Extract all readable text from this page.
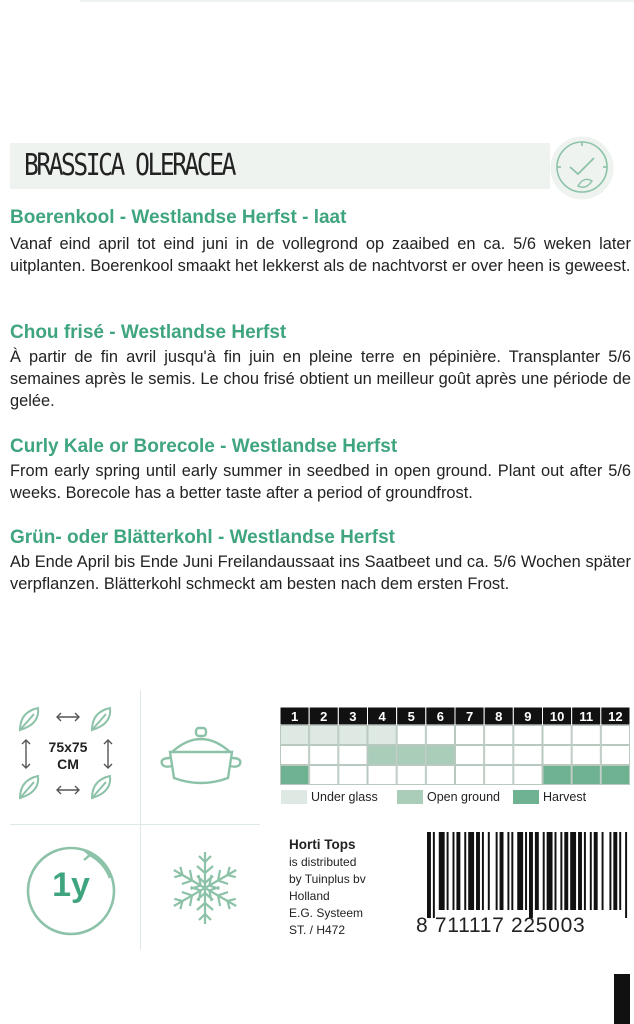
BRASSICA OLERACEA
Boerenkool - Westlandse Herfst - laat
Vanaf eind april tot eind juni in de vollegrond op zaaibed en ca. 5/6 weken later uitplanten. Boerenkool smaakt het lekkerst als de nachtvorst er over heen is geweest.
Chou frisé - Westlandse Herfst
À partir de fin avril jusqu'à fin juin en pleine terre en pépinière. Transplanter 5/6 semaines après le semis. Le chou frisé obtient un meilleur goût après une période de gelée.
Curly Kale or Borecole - Westlandse Herfst
From early spring until early summer in seedbed in open ground. Plant out after 5/6 weeks. Borecole has a better taste after a period of groundfrost.
Grün- oder Blätterkohl - Westlandse Herfst
Ab Ende April bis Ende Juni Freilandaussaat ins Saatbeet und ca. 5/6 Wochen später verpflanzen. Blätterkohl schmeckt am besten nach dem ersten Frost.
75x75
CM
1y
1 2 3 4 5 6 7 8 9 10 11 12
Under glass	Open ground	Harvest
Horti Tops
is distributed
by Tuinplus bv
Holland
E.G. Systeem
ST. / H472	8 711117 225003
